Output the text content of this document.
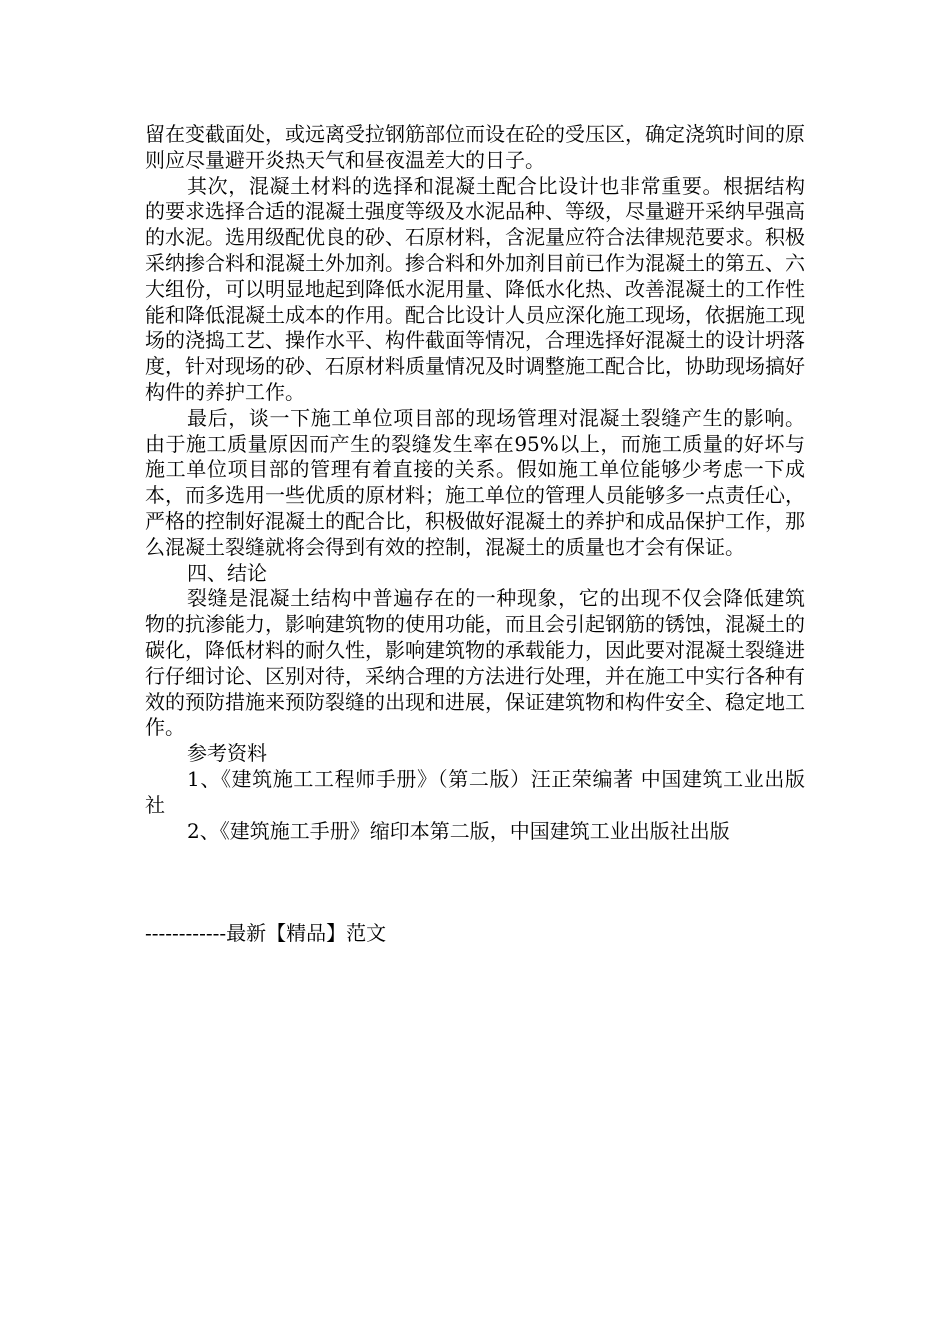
留在变截面处，或远离受拉钢筋部位而设在砼的受压区，确定浇筑时间的原则应尽量避开炎热天气和昼夜温差大的日子。

其次，混凝土材料的选择和混凝土配合比设计也非常重要。根据结构的要求选择合适的混凝土强度等级及水泥品种、等级，尽量避开采纳早强高的水泥。选用级配优良的砂、石原材料，含泥量应符合法律规范要求。积极采纳掺合料和混凝土外加剂。掺合料和外加剂目前已作为混凝土的第五、六大组份，可以明显地起到降低水泥用量、降低水化热、改善混凝土的工作性能和降低混凝土成本的作用。配合比设计人员应深化施工现场，依据施工现场的浇捣工艺、操作水平、构件截面等情况，合理选择好混凝土的设计坍落度，针对现场的砂、石原材料质量情况及时调整施工配合比，协助现场搞好构件的养护工作。

最后，谈一下施工单位项目部的现场管理对混凝土裂缝产生的影响。由于施工质量原因而产生的裂缝发生率在95%以上，而施工质量的好坏与施工单位项目部的管理有着直接的关系。假如施工单位能够少考虑一下成本，而多选用一些优质的原材料；施工单位的管理人员能够多一点责任心，严格的控制好混凝土的配合比，积极做好混凝土的养护和成品保护工作，那么混凝土裂缝就将会得到有效的控制，混凝土的质量也才会有保证。

四、结论

裂缝是混凝土结构中普遍存在的一种现象，它的出现不仅会降低建筑物的抗渗能力，影响建筑物的使用功能，而且会引起钢筋的锈蚀，混凝土的碳化，降低材料的耐久性，影响建筑物的承载能力，因此要对混凝土裂缝进行仔细讨论、区别对待，采纳合理的方法进行处理，并在施工中实行各种有效的预防措施来预防裂缝的出现和进展，保证建筑物和构件安全、稳定地工作。

参考资料

1、《建筑施工工程师手册》（第二版）汪正荣编著 中国建筑工业出版社

2、《建筑施工手册》缩印本第二版，中国建筑工业出版社出版

------------最新【精品】范文
